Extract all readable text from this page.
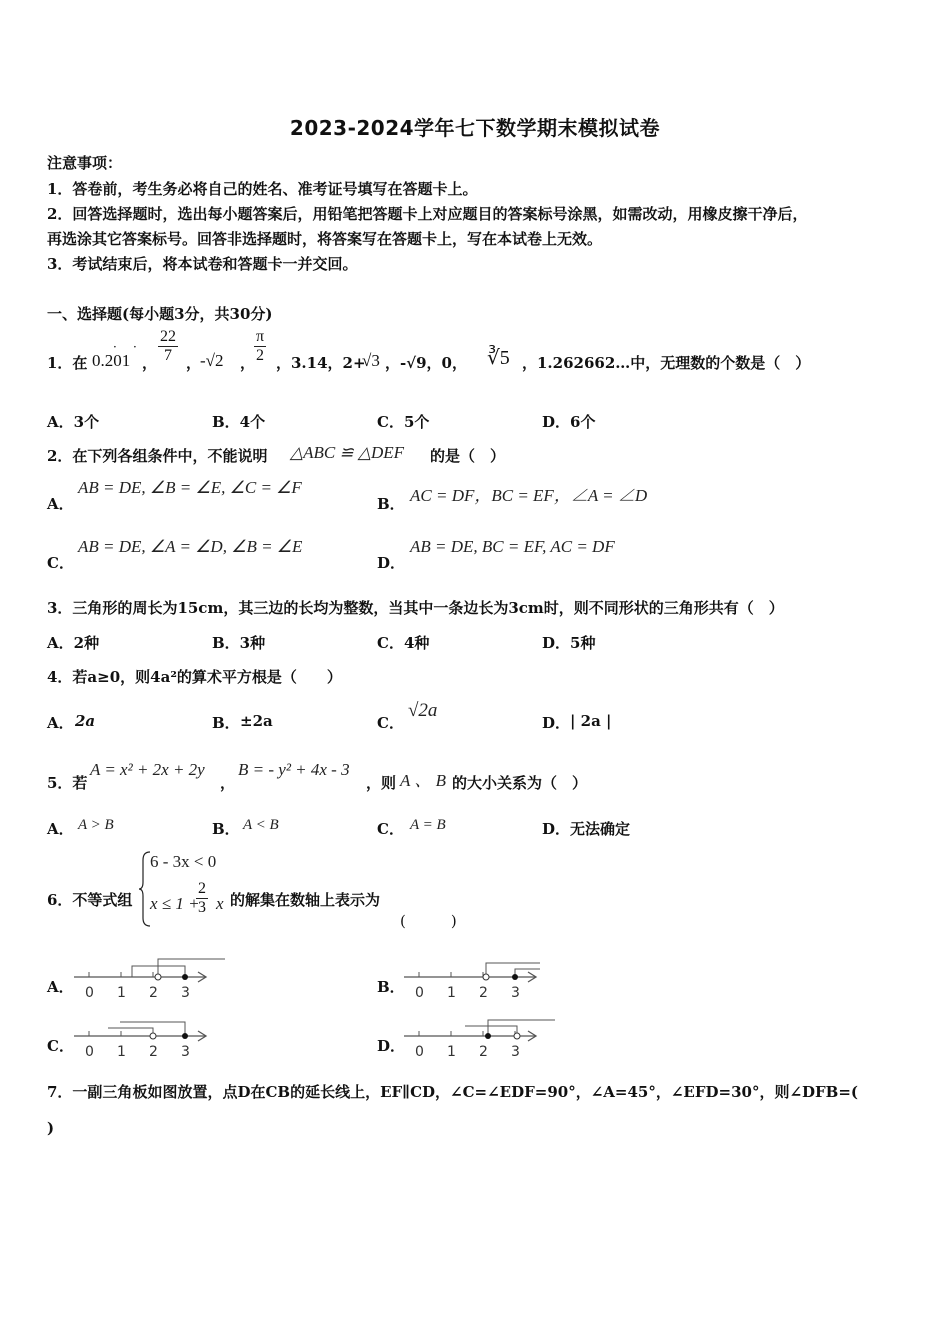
2023-2024学年七下数学期末模拟试卷
注意事项：
1．答卷前，考生务必将自己的姓名、准考证号填写在答题卡上。
2．回答选择题时，选出每小题答案后，用铅笔把答题卡上对应题目的答案标号涂黑，如需改动，用橡皮擦干净后，
再选涂其它答案标号。回答非选择题时，将答案写在答题卡上，写在本试卷上无效。
3．考试结束后，将本试卷和答题卡一并交回。
一、选择题(每小题3分，共30分)
1．在 0.201
· ·
， $\frac{22}{7}$ ，
-√2 ，
$\frac{\pi}{2}$ ，3.14，2+
√3 ，-√9，0， ∛5 ，1.262662…中，无理数的个数是（　）
A．3个	B．4个	C．5个	D．6个
2．在下列各组条件中，不能说明 △ABC ≌ △DEF 的是（　）
A．
AB = DE, ∠B = ∠E, ∠C = ∠F
B． AC = DF，BC = EF，∠A = ∠D
C．
AB = DE, ∠A = ∠D, ∠B = ∠E
D．
AB = DE, BC = EF, AC = DF
3．三角形的周长为15cm，其三边的长均为整数，当其中一条边长为3cm时，则不同形状的三角形共有（　）
A．2种	B．3种	C．4种	D．5种
4．若a≥0，则4a²的算术平方根是（　　）
A． 2a	B． ±2a	C．
√2a
D． | 2a |
5．若
A = x² + 2x + 2y
，
B = - y² + 4x - 3
，则 A 、 B 的大小关系为（　）
A． A > B	B． A < B	C． A = B	D． 无法确定
6．不等式组
6 - 3x < 0
x ≤ 1 +
$\frac{2}{3}$ x 的解集在数轴上表示为
(　　　)
A．	B．
C．	D．
0 1 2 3	0 1 2 3
0 1 2 3	0 1 2 3
7．一副三角板如图放置，点D在CB的延长线上，EF∥CD，∠C=∠EDF=90°，∠A=45°，∠EFD=30°，则∠DFB=(
)
